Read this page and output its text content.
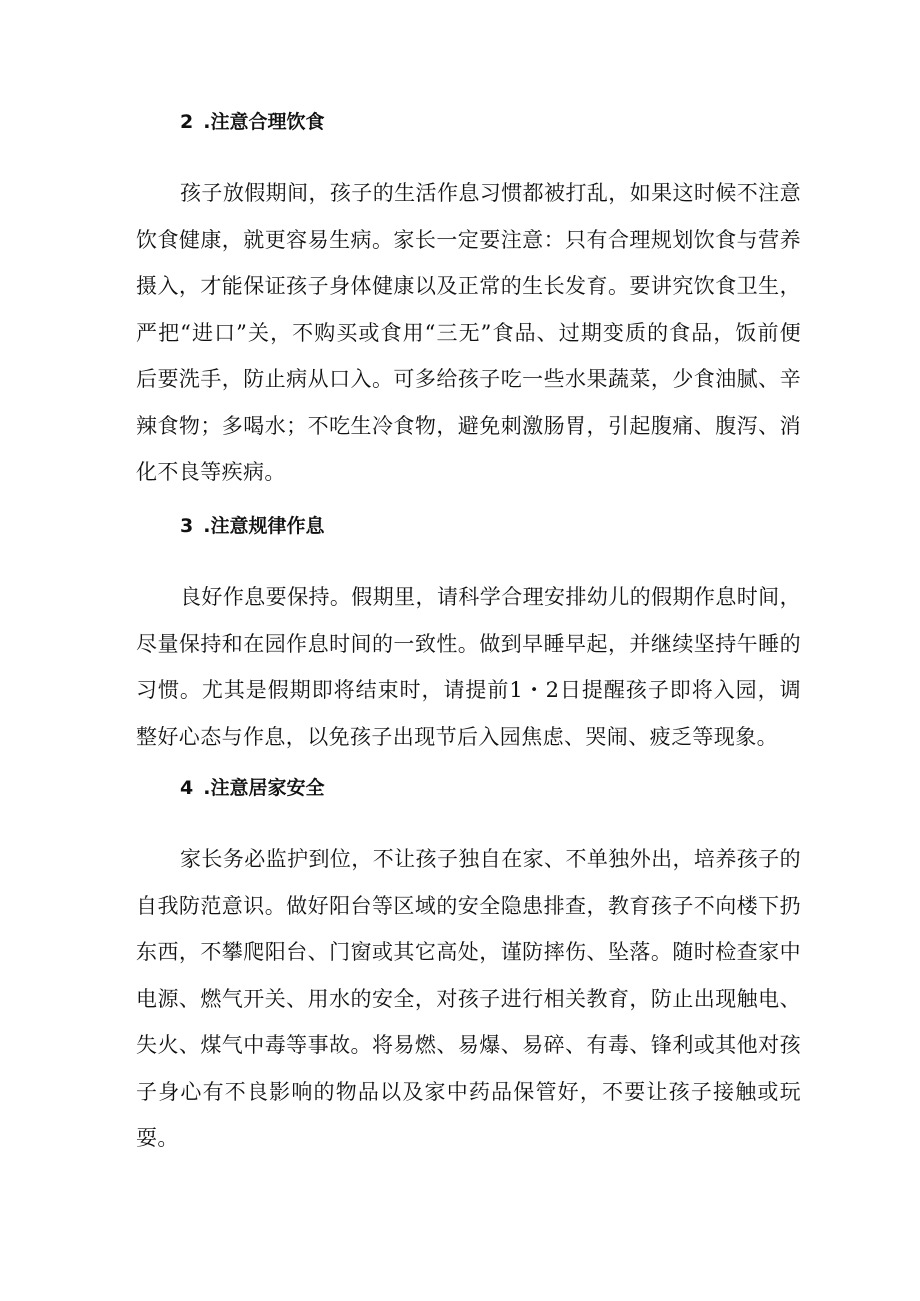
2 .注意合理饮食

孩子放假期间，孩子的生活作息习惯都被打乱，如果这时候不注意饮食健康，就更容易生病。家长一定要注意：只有合理规划饮食与营养摄入，才能保证孩子身体健康以及正常的生长发育。要讲究饮食卫生，严把“进口”关，不购买或食用“三无”食品、过期变质的食品，饭前便后要洗手，防止病从口入。可多给孩子吃一些水果蔬菜，少食油腻、辛辣食物；多喝水；不吃生冷食物，避免刺激肠胃，引起腹痛、腹泻、消化不良等疾病。

3 .注意规律作息

良好作息要保持。假期里，请科学合理安排幼儿的假期作息时间，尽量保持和在园作息时间的一致性。做到早睡早起，并继续坚持午睡的习惯。尤其是假期即将结束时，请提前1・2日提醒孩子即将入园，调整好心态与作息，以免孩子出现节后入园焦虑、哭闹、疲乏等现象。

4 .注意居家安全

家长务必监护到位，不让孩子独自在家、不单独外出，培养孩子的自我防范意识。做好阳台等区域的安全隐患排查，教育孩子不向楼下扔东西，不攀爬阳台、门窗或其它高处，谨防摔伤、坠落。随时检查家中电源、燃气开关、用水的安全，对孩子进行相关教育，防止出现触电、失火、煤气中毒等事故。将易燃、易爆、易碎、有毒、锋利或其他对孩子身心有不良影响的物品以及家中药品保管好，不要让孩子接触或玩耍。
